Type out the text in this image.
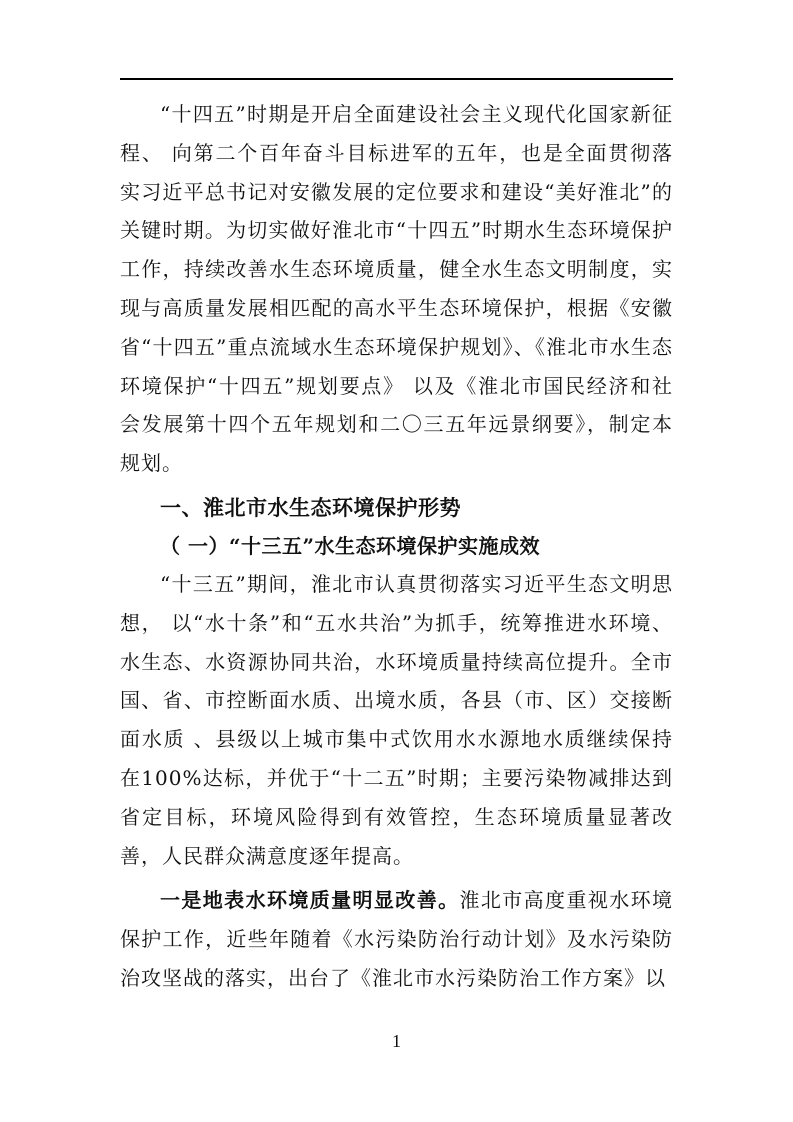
“十四五”时期是开启全面建设社会主义现代化国家新征程、 向第二个百年奋斗目标进军的五年，也是全面贯彻落实习近平总书记对安徽发展的定位要求和建设“美好淮北”的关键时期。为切实做好淮北市“十四五”时期水生态环境保护工作，持续改善水生态环境质量，健全水生态文明制度，实现与高质量发展相匹配的高水平生态环境保护，根据《安徽省“十四五”重点流域水生态环境保护规划》、《淮北市水生态环境保护“十四五”规划要点》 以及《淮北市国民经济和社会发展第十四个五年规划和二〇三五年远景纲要》，制定本规划。

一、淮北市水生态环境保护形势
（ 一）“十三五”水生态环境保护实施成效

“十三五”期间，淮北市认真贯彻落实习近平生态文明思想， 以“水十条”和“五水共治”为抓手，统筹推进水环境、水生态、水资源协同共治，水环境质量持续高位提升。全市国、省、市控断面水质、出境水质，各县（市、区）交接断面水质 、县级以上城市集中式饮用水水源地水质继续保持在100%达标，并优于“十二五”时期；主要污染物减排达到省定目标，环境风险得到有效管控，生态环境质量显著改善，人民群众满意度逐年提高。

一是地表水环境质量明显改善。淮北市高度重视水环境保护工作，近些年随着《水污染防治行动计划》及水污染防治攻坚战的落实，出台了《淮北市水污染防治工作方案》以

1
